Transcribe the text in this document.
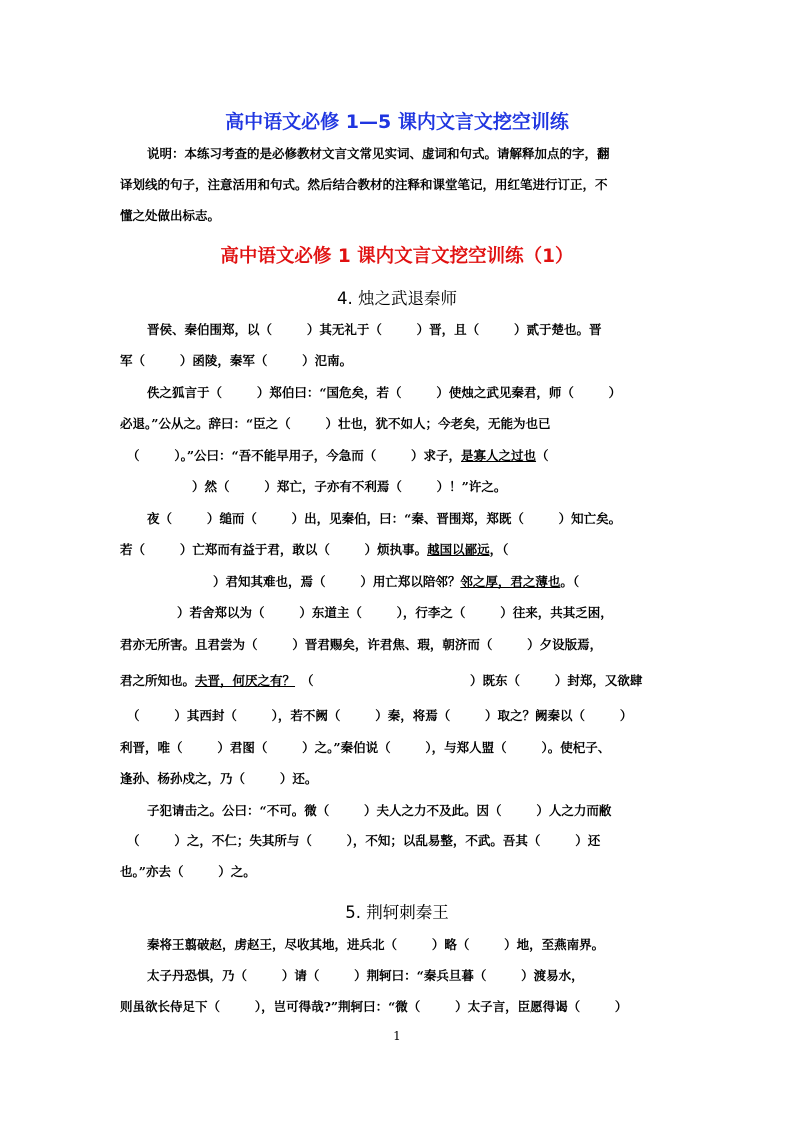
高中语文必修 1—5 课内文言文挖空训练
说明：本练习考查的是必修教材文言文常见实词、虚词和句式。请解释加点的字，翻
译划线的句子，注意活用和句式。然后结合教材的注释和课堂笔记，用红笔进行订正，不
懂之处做出标志。
高中语文必修 1 课内文言文挖空训练（1）
4. 烛之武退秦师
晋侯、秦伯围郑，以（        ）其无礼于（        ）晋，且（        ）贰于楚也。晋
军（        ）函陵，秦军（        ）氾南。
佚之狐言于（        ）郑伯曰：“国危矣，若（        ）使烛之武见秦君，师（        ）
必退。”公从之。辞曰：“臣之（        ）壮也，犹不如人；今老矣，无能为也已
（        ）。”公曰：“吾不能早用子，今急而（        ）求子，是寡人之过也（
）然（        ）郑亡，子亦有不利焉（        ）！”许之。
夜（        ）缒而（        ）出，见秦伯，曰：“秦、晋围郑，郑既（        ）知亡矣。
若（        ）亡郑而有益于君，敢以（        ）烦执事。越国以鄙远，（
）君知其难也，焉（        ）用亡郑以陪邻？邻之厚，君之薄也。（
）若舍郑以为（        ）东道主（        ），行李之（        ）往来，共其乏困，
君亦无所害。且君尝为（        ）晋君赐矣，许君焦、瑕，朝济而（        ）夕设版焉，
君之所知也。夫晋，何厌之有？ （	）既东（        ）封郑，又欲肆
（        ）其西封（        ），若不阙（        ）秦，将焉（        ）取之？阙秦以（        ）
利晋，唯（        ）君图（        ）之。”秦伯说（        ），与郑人盟（        ）。使杞子、
逢孙、杨孙戍之，乃（        ）还。
子犯请击之。公曰：“不可。微（        ）夫人之力不及此。因（        ）人之力而敝
（        ）之，不仁；失其所与（        ），不知；以乱易整，不武。吾其（        ）还
也。”亦去（        ）之。
5. 荆轲刺秦王
秦将王翦破赵，虏赵王，尽收其地，进兵北（        ）略（        ）地，至燕南界。
太子丹恐惧，乃（        ）请（        ）荆轲曰：“秦兵旦暮（        ）渡易水，
则虽欲长侍足下（        ），岂可得哉?”荆轲曰：“微（        ）太子言，臣愿得谒（        ）
1
